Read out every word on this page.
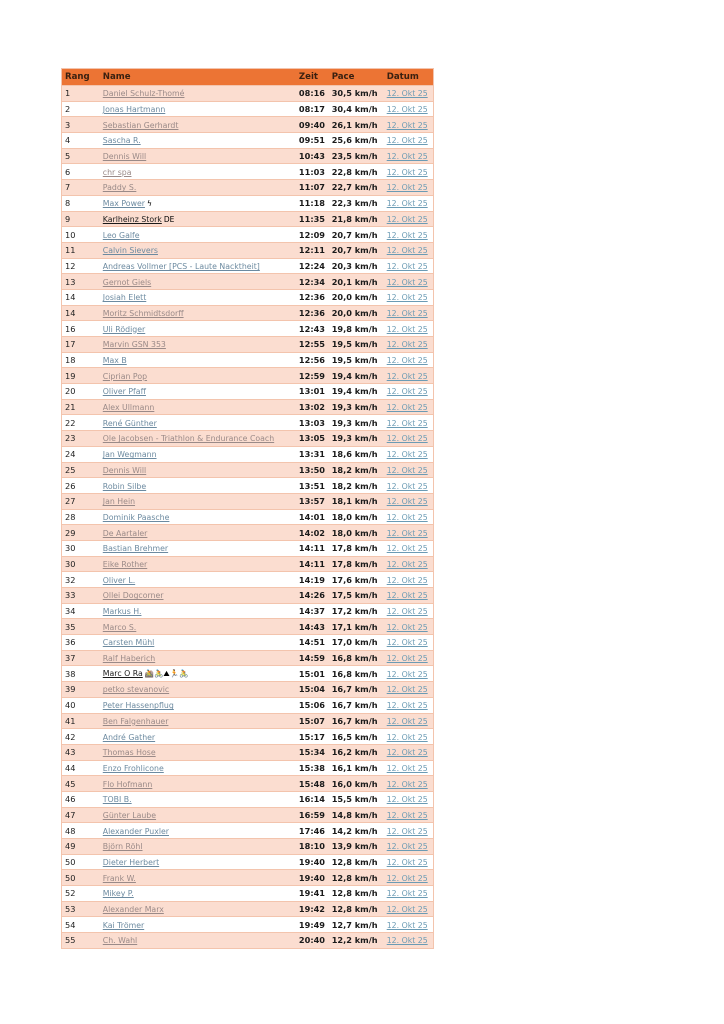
Rang	Name	Zeit	Pace	Datum
1	Daniel Schulz-Thomé	08:16	30,5 km/h	12. Okt 25
2	Jonas Hartmann	08:17	30,4 km/h	12. Okt 25
3	Sebastian Gerhardt	09:40	26,1 km/h	12. Okt 25
4	Sascha R.	09:51	25,6 km/h	12. Okt 25
5	Dennis Will	10:43	23,5 km/h	12. Okt 25
6	chr spa	11:03	22,8 km/h	12. Okt 25
7	Paddy S.	11:07	22,7 km/h	12. Okt 25
8	Max Power ϟ	11:18	22,3 km/h	12. Okt 25
9	Karlheinz Stork DE	11:35	21,8 km/h	12. Okt 25
10	Leo Galfe	12:09	20,7 km/h	12. Okt 25
11	Calvin Sievers	12:11	20,7 km/h	12. Okt 25
12	Andreas Vollmer [PCS - Laute Nacktheit]	12:24	20,3 km/h	12. Okt 25
13	Gernot Giels	12:34	20,1 km/h	12. Okt 25
14	Josiah Elett	12:36	20,0 km/h	12. Okt 25
14	Moritz Schmidtsdorff	12:36	20,0 km/h	12. Okt 25
16	Uli Rödiger	12:43	19,8 km/h	12. Okt 25
17	Marvin GSN 353	12:55	19,5 km/h	12. Okt 25
18	Max B	12:56	19,5 km/h	12. Okt 25
19	Ciprian Pop	12:59	19,4 km/h	12. Okt 25
20	Oliver Pfaff	13:01	19,4 km/h	12. Okt 25
21	Alex Ullmann	13:02	19,3 km/h	12. Okt 25
22	René Günther	13:03	19,3 km/h	12. Okt 25
23	Ole Jacobsen - Triathlon & Endurance Coach	13:05	19,3 km/h	12. Okt 25
24	Jan Wegmann	13:31	18,6 km/h	12. Okt 25
25	Dennis Will	13:50	18,2 km/h	12. Okt 25
26	Robin Silbe	13:51	18,2 km/h	12. Okt 25
27	Jan Hein	13:57	18,1 km/h	12. Okt 25
28	Dominik Paasche	14:01	18,0 km/h	12. Okt 25
29	De Aartaler	14:02	18,0 km/h	12. Okt 25
30	Bastian Brehmer	14:11	17,8 km/h	12. Okt 25
30	Eike Rother	14:11	17,8 km/h	12. Okt 25
32	Oliver L.	14:19	17,6 km/h	12. Okt 25
33	Ollei Dogcorner	14:26	17,5 km/h	12. Okt 25
34	Markus H.	14:37	17,2 km/h	12. Okt 25
35	Marco S.	14:43	17,1 km/h	12. Okt 25
36	Carsten Mühl	14:51	17,0 km/h	12. Okt 25
37	Ralf Haberich	14:59	16,8 km/h	12. Okt 25
38	Marc O Ra 🚵🚴⛰🏃🚴	15:01	16,8 km/h	12. Okt 25
39	petko stevanovic	15:04	16,7 km/h	12. Okt 25
40	Peter Hassenpflug	15:06	16,7 km/h	12. Okt 25
41	Ben Falgenhauer	15:07	16,7 km/h	12. Okt 25
42	André Gather	15:17	16,5 km/h	12. Okt 25
43	Thomas Hose	15:34	16,2 km/h	12. Okt 25
44	Enzo Frohlicone	15:38	16,1 km/h	12. Okt 25
45	Flo Hofmann	15:48	16,0 km/h	12. Okt 25
46	TOBI B.	16:14	15,5 km/h	12. Okt 25
47	Günter Laube	16:59	14,8 km/h	12. Okt 25
48	Alexander Puxler	17:46	14,2 km/h	12. Okt 25
49	Björn Röhl	18:10	13,9 km/h	12. Okt 25
50	Dieter Herbert	19:40	12,8 km/h	12. Okt 25
50	Frank W.	19:40	12,8 km/h	12. Okt 25
52	Mikey P.	19:41	12,8 km/h	12. Okt 25
53	Alexander Marx	19:42	12,8 km/h	12. Okt 25
54	Kai Trömer	19:49	12,7 km/h	12. Okt 25
55	Ch. Wahl	20:40	12,2 km/h	12. Okt 25
